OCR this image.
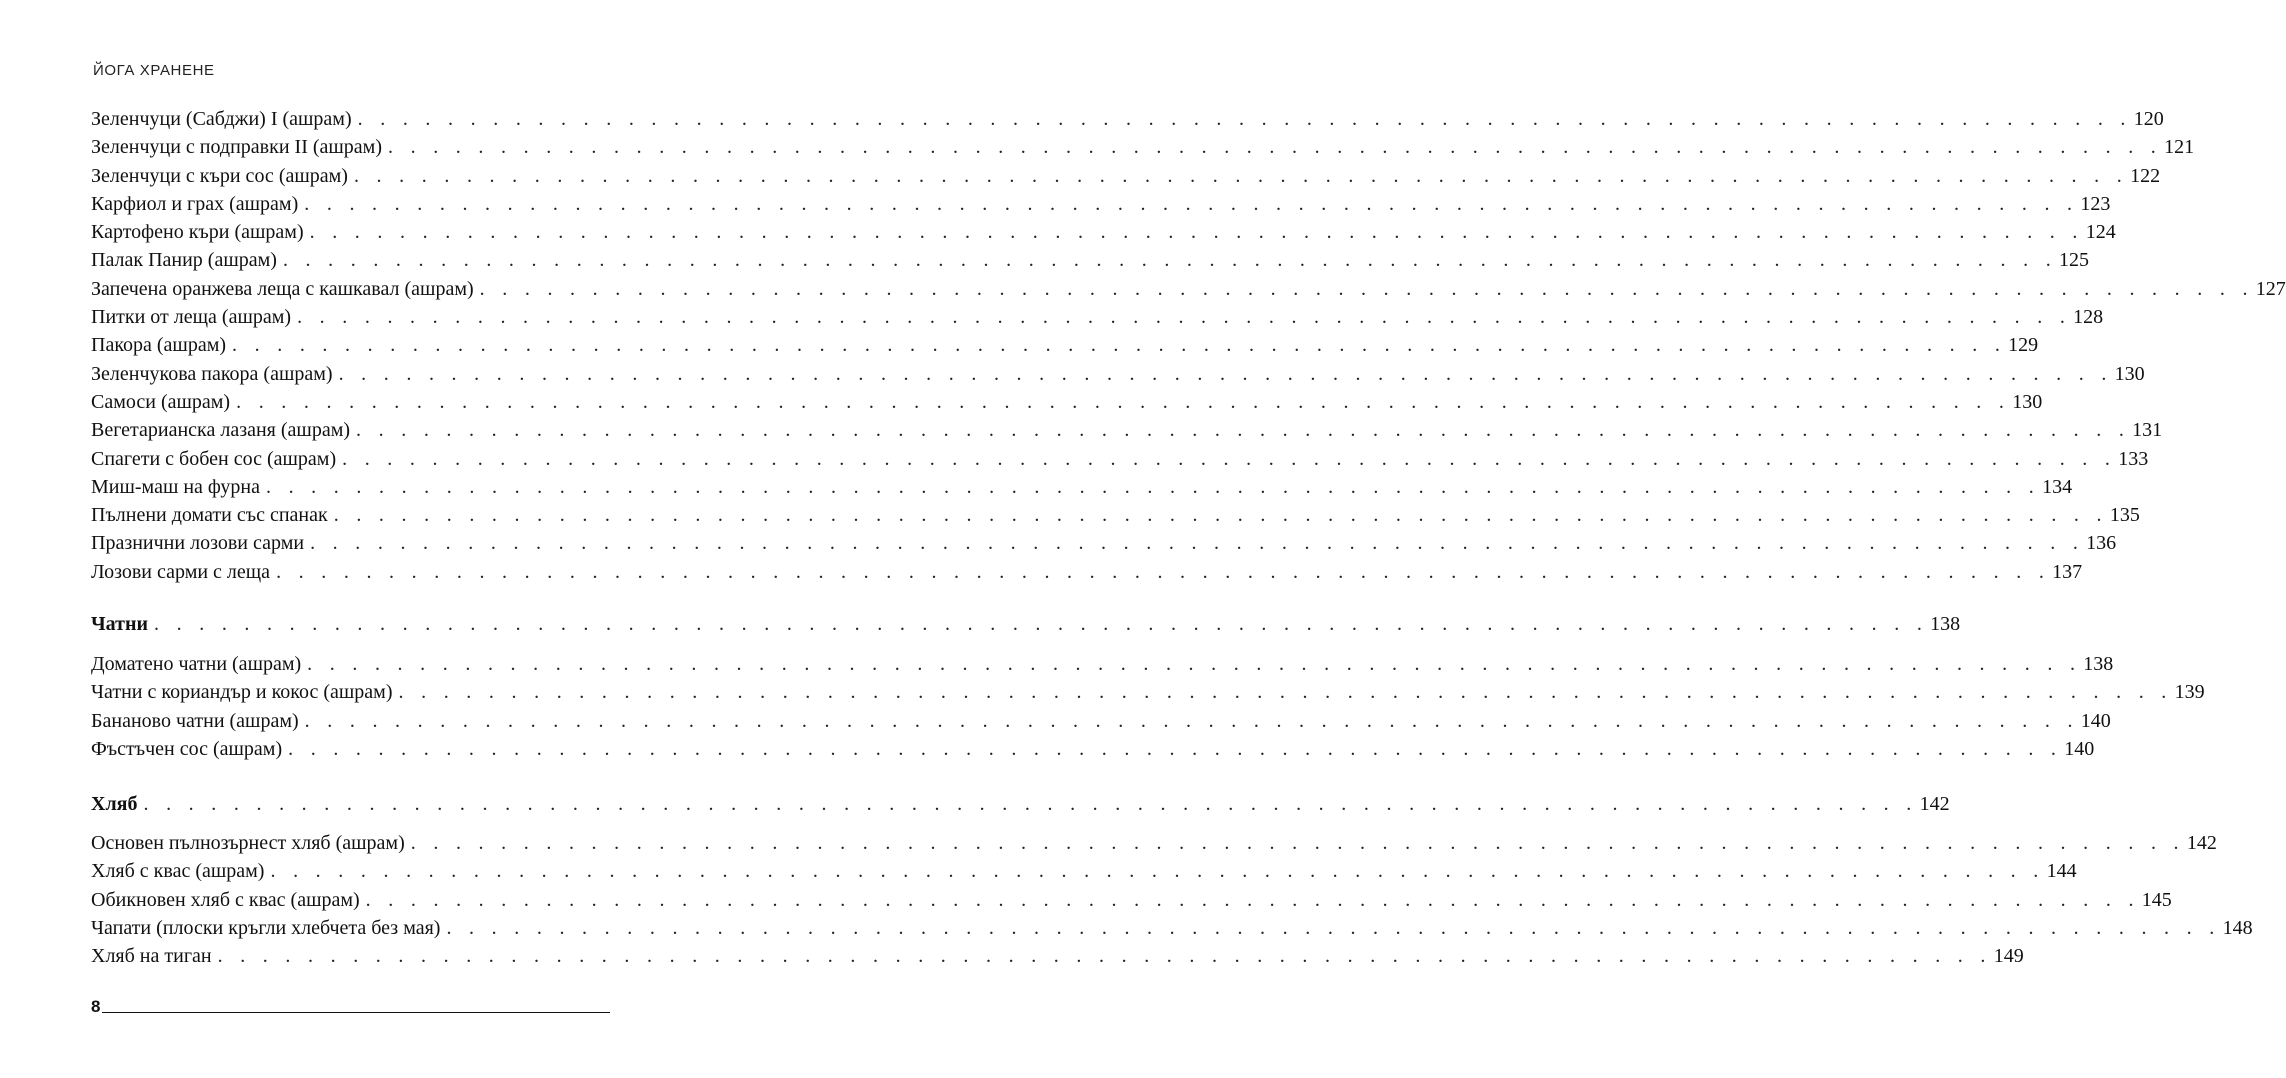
ЙОГА ХРАНЕНЕ
Зеленчуци (Сабджи) I (ашрам) . . . . . . . . . . . . . . . . . . . . . . . . . . . . . . . . . . . . . . . . . . . . . . . . . . . . . . . . . . . . . . . . . . . . . . . . . . . . . . . 120
Зеленчуци с подправки II (ашрам) . . . . . . . . . . . . . . . . . . . . . . . . . . . . . . . . . . . . . . . . . . . . . . . . . . . . . . . . . . . . . . . . . . . . . . . . . . . . . . . 121
Зеленчуци с къри сос (ашрам) . . . . . . . . . . . . . . . . . . . . . . . . . . . . . . . . . . . . . . . . . . . . . . . . . . . . . . . . . . . . . . . . . . . . . . . . . . . . . . . 122
Карфиол и грах (ашрам) . . . . . . . . . . . . . . . . . . . . . . . . . . . . . . . . . . . . . . . . . . . . . . . . . . . . . . . . . . . . . . . . . . . . . . . . . . . . . . . 123
Картофено къри (ашрам) . . . . . . . . . . . . . . . . . . . . . . . . . . . . . . . . . . . . . . . . . . . . . . . . . . . . . . . . . . . . . . . . . . . . . . . . . . . . . . . 124
Палак Панир (ашрам) . . . . . . . . . . . . . . . . . . . . . . . . . . . . . . . . . . . . . . . . . . . . . . . . . . . . . . . . . . . . . . . . . . . . . . . . . . . . . . . 125
Запечена оранжева леща с кашкавал (ашрам) . . . . . . . . . . . . . . . . . . . . . . . . . . . . . . . . . . . . . . . . . . . . . . . . . . . . . . . . . . . . . . . . . . . . . . . . . . . . . . . 127
Питки от леща (ашрам) . . . . . . . . . . . . . . . . . . . . . . . . . . . . . . . . . . . . . . . . . . . . . . . . . . . . . . . . . . . . . . . . . . . . . . . . . . . . . . . 128
Пакора (ашрам) . . . . . . . . . . . . . . . . . . . . . . . . . . . . . . . . . . . . . . . . . . . . . . . . . . . . . . . . . . . . . . . . . . . . . . . . . . . . . . . 129
Зеленчукова пакора (ашрам) . . . . . . . . . . . . . . . . . . . . . . . . . . . . . . . . . . . . . . . . . . . . . . . . . . . . . . . . . . . . . . . . . . . . . . . . . . . . . . . 130
Самоси (ашрам) . . . . . . . . . . . . . . . . . . . . . . . . . . . . . . . . . . . . . . . . . . . . . . . . . . . . . . . . . . . . . . . . . . . . . . . . . . . . . . . 130
Вегетарианска лазаня (ашрам) . . . . . . . . . . . . . . . . . . . . . . . . . . . . . . . . . . . . . . . . . . . . . . . . . . . . . . . . . . . . . . . . . . . . . . . . . . . . . . . 131
Спагети с бобен сос (ашрам) . . . . . . . . . . . . . . . . . . . . . . . . . . . . . . . . . . . . . . . . . . . . . . . . . . . . . . . . . . . . . . . . . . . . . . . . . . . . . . . 133
Миш-маш на фурна . . . . . . . . . . . . . . . . . . . . . . . . . . . . . . . . . . . . . . . . . . . . . . . . . . . . . . . . . . . . . . . . . . . . . . . . . . . . . . . 134
Пълнени домати със спанак . . . . . . . . . . . . . . . . . . . . . . . . . . . . . . . . . . . . . . . . . . . . . . . . . . . . . . . . . . . . . . . . . . . . . . . . . . . . . . . 135
Празнични лозови сарми . . . . . . . . . . . . . . . . . . . . . . . . . . . . . . . . . . . . . . . . . . . . . . . . . . . . . . . . . . . . . . . . . . . . . . . . . . . . . . . 136
Лозови сарми с леща . . . . . . . . . . . . . . . . . . . . . . . . . . . . . . . . . . . . . . . . . . . . . . . . . . . . . . . . . . . . . . . . . . . . . . . . . . . . . . . 137
Чатни . . . . . . . . . . . . . . . . . . . . . . . . . . . . . . . . . . . . . . . . . . . . . . . . . . . . . . . . . . . . . . . . . . . . . . . . . . . . . . . 138
Доматено чатни (ашрам) . . . . . . . . . . . . . . . . . . . . . . . . . . . . . . . . . . . . . . . . . . . . . . . . . . . . . . . . . . . . . . . . . . . . . . . . . . . . . . . 138
Чатни с кориандър и кокос (ашрам) . . . . . . . . . . . . . . . . . . . . . . . . . . . . . . . . . . . . . . . . . . . . . . . . . . . . . . . . . . . . . . . . . . . . . . . . . . . . . . . 139
Бананово чатни (ашрам) . . . . . . . . . . . . . . . . . . . . . . . . . . . . . . . . . . . . . . . . . . . . . . . . . . . . . . . . . . . . . . . . . . . . . . . . . . . . . . . 140
Фъстъчен сос (ашрам) . . . . . . . . . . . . . . . . . . . . . . . . . . . . . . . . . . . . . . . . . . . . . . . . . . . . . . . . . . . . . . . . . . . . . . . . . . . . . . . 140
Хляб . . . . . . . . . . . . . . . . . . . . . . . . . . . . . . . . . . . . . . . . . . . . . . . . . . . . . . . . . . . . . . . . . . . . . . . . . . . . . . . 142
Основен пълнозърнест хляб (ашрам) . . . . . . . . . . . . . . . . . . . . . . . . . . . . . . . . . . . . . . . . . . . . . . . . . . . . . . . . . . . . . . . . . . . . . . . . . . . . . . . 142
Хляб с квас (ашрам) . . . . . . . . . . . . . . . . . . . . . . . . . . . . . . . . . . . . . . . . . . . . . . . . . . . . . . . . . . . . . . . . . . . . . . . . . . . . . . . 144
Обикновен хляб с квас (ашрам) . . . . . . . . . . . . . . . . . . . . . . . . . . . . . . . . . . . . . . . . . . . . . . . . . . . . . . . . . . . . . . . . . . . . . . . . . . . . . . . 145
Чапати (плоски кръгли хлебчета без мая) . . . . . . . . . . . . . . . . . . . . . . . . . . . . . . . . . . . . . . . . . . . . . . . . . . . . . . . . . . . . . . . . . . . . . . . . . . . . . . . 148
Хляб на тиган . . . . . . . . . . . . . . . . . . . . . . . . . . . . . . . . . . . . . . . . . . . . . . . . . . . . . . . . . . . . . . . . . . . . . . . . . . . . . . . 149
8
